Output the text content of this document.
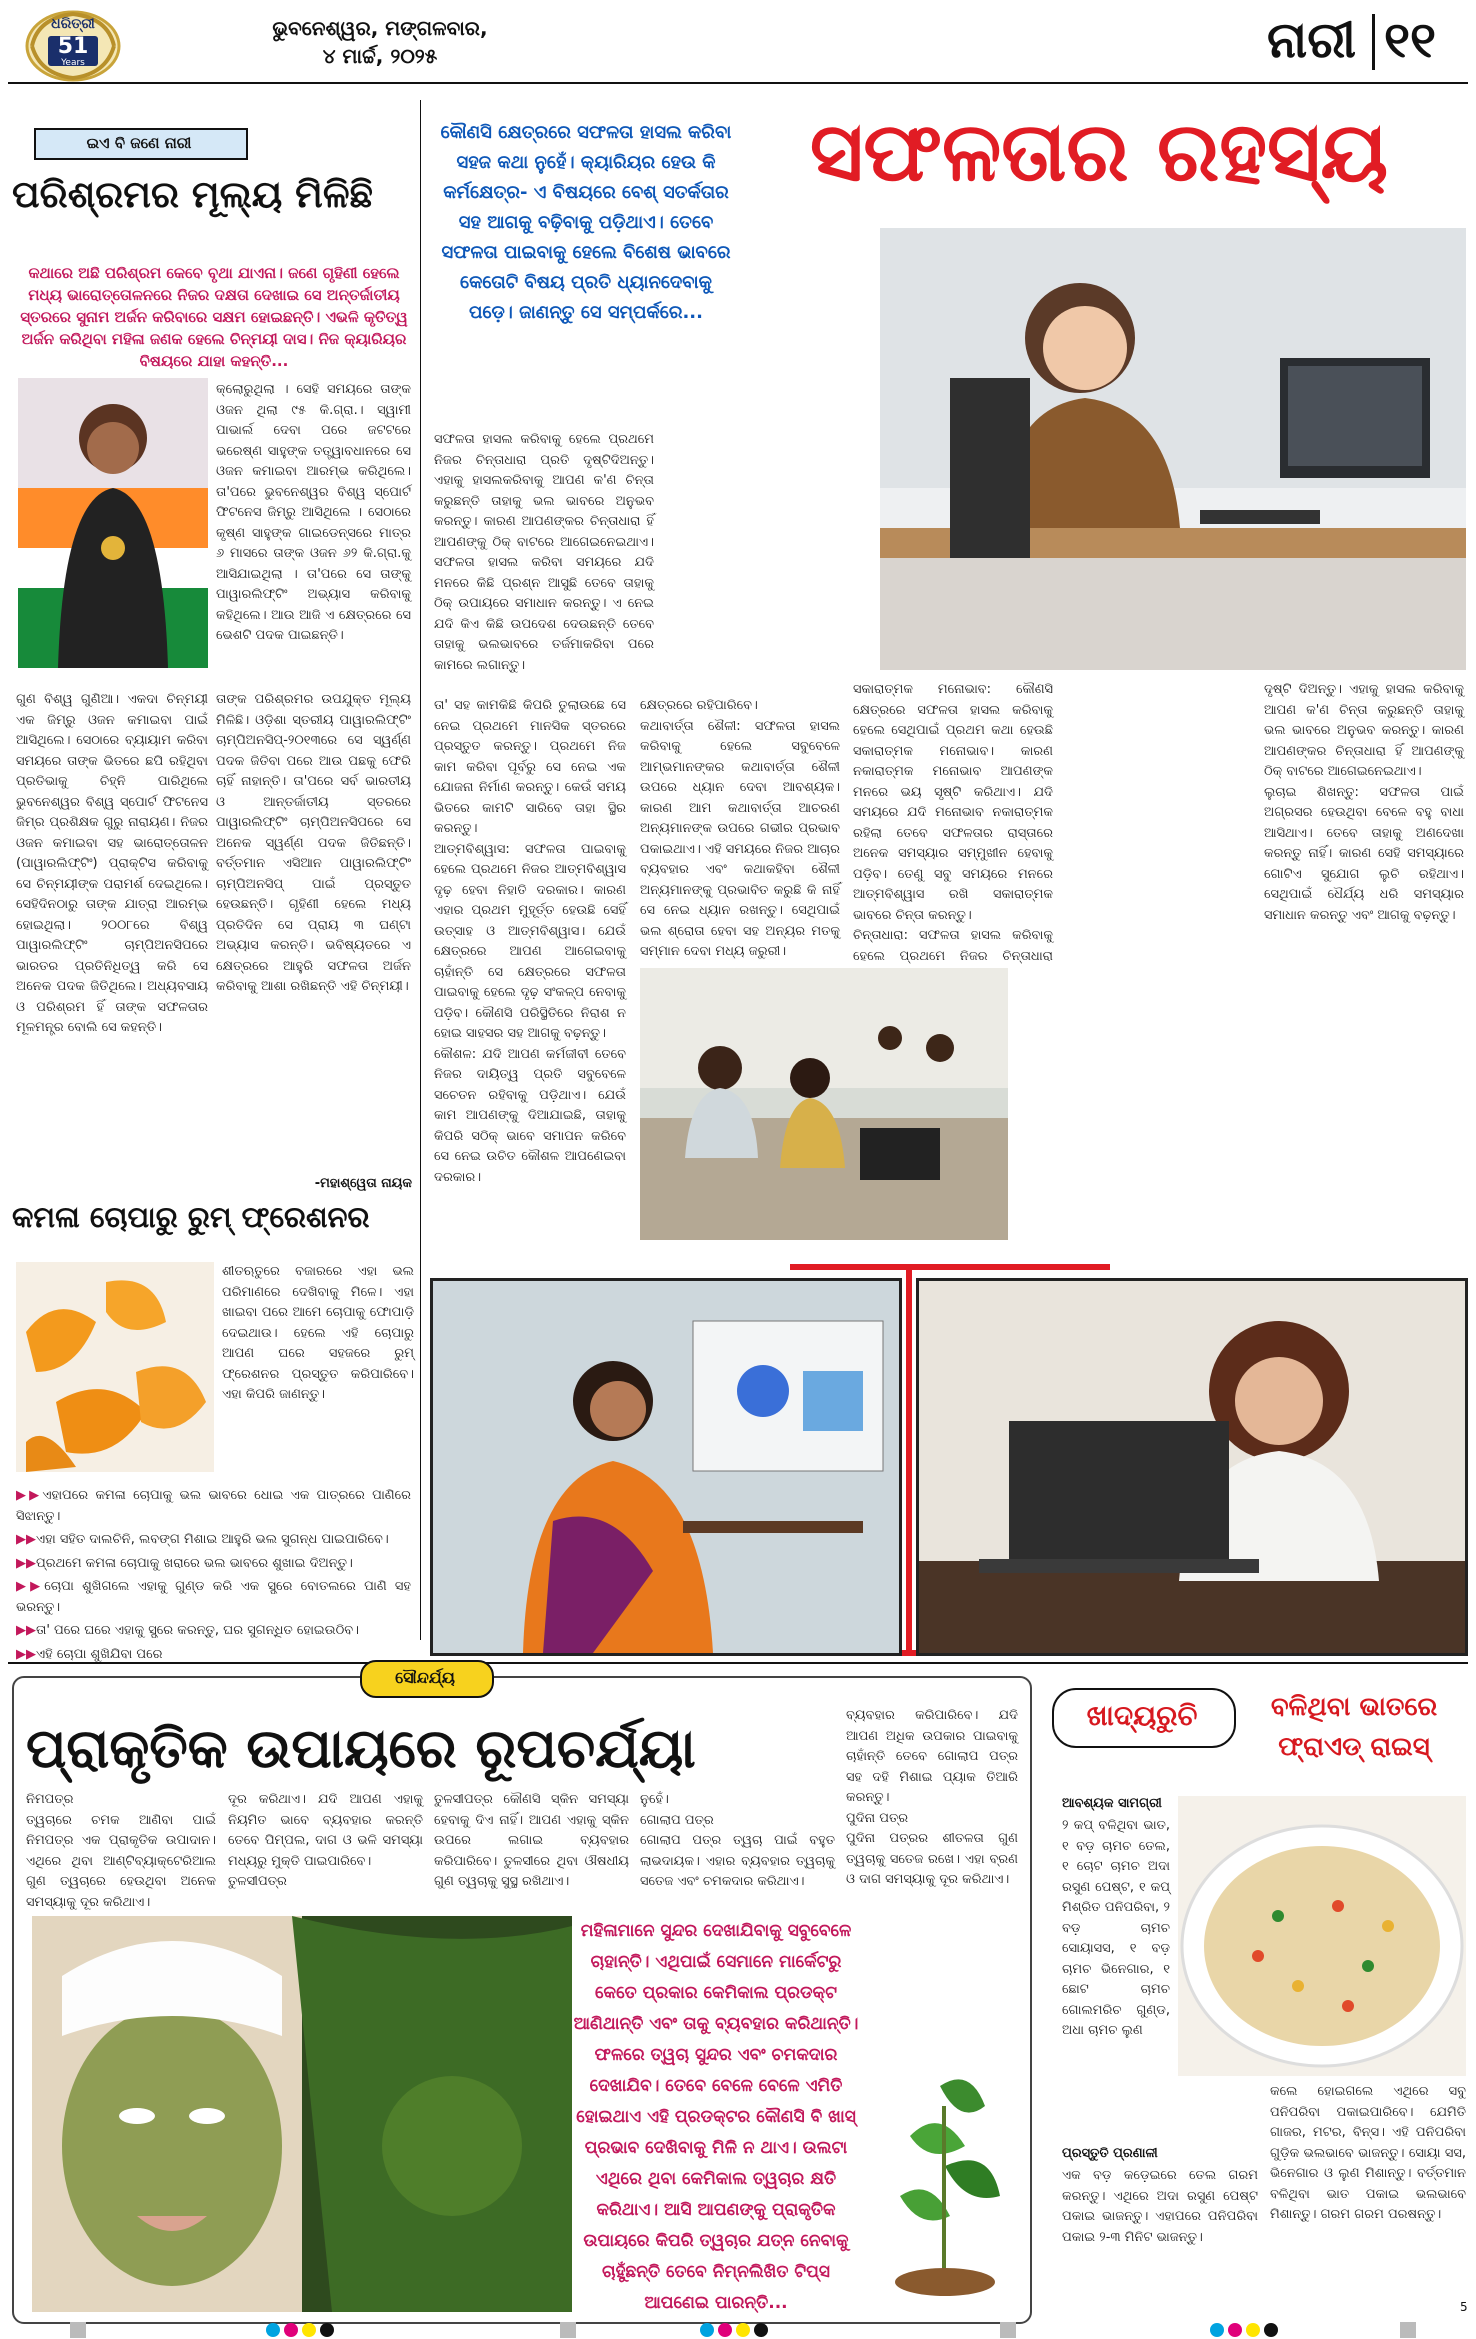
ଧରିତ୍ରୀ
51
Years
ଭୁବନେଶ୍ୱର, ମଙ୍ଗଳବାର,
୪ ମାର୍ଚ୍ଚ, ୨୦୨୫	ନାରୀ ୧୧
ଇଏ ବି ଜଣେ ନାରୀ
ପରିଶ୍ରମର ମୂଲ୍ୟ ମିଳିଛି
କଥାରେ ଅଛି ପରିଶ୍ରମ କେବେ ବୃଥା ଯାଏନା। ଜଣେ ଗୃହିଣୀ ହେଲେ ମଧ୍ୟ ଭାରୋତ୍ତୋଳନରେ ନିଜର ଦକ୍ଷତା ଦେଖାଇ ସେ ଅନ୍ତର୍ଜାତୀୟ ସ୍ତରରେ ସୁନାମ ଅର୍ଜନ କରିବାରେ ସକ୍ଷମ ହୋଇଛନ୍ତି। ଏଭଳି କୃତିତ୍ୱ ଅର୍ଜନ କରିଥିବା ମହିଳା ଜଣକ ହେଲେ ଚିନ୍ମୟୀ ଦାସ। ନିଜ କ୍ୟାରିୟର ବିଷୟରେ ଯାହା କହନ୍ତି...
କ୍ଲୋରୁଥିଲା । ସେହି ସମୟରେ ତାଙ୍କ ଓଜନ ଥିଲା ୯୫ କି.ଗ୍ରା.। ସ୍ୱାମୀ ପାଭାର୍ଲ ଦେବା ପରେ ଜଟଟରେ ଭରେଷ୍ଣ ସାହୁଙ୍କ ତତ୍ତ୍ୱାବଧାନରେ ସେ ଓଜନ କମାଇବା ଆରମ୍ଭ କରିଥିଲେ। ତା'ପରେ ଭୁବନେଶ୍ୱର ବିଶ୍ୱ ସ୍ପୋର୍ଟ ଫିଟନେସ ଜିମ୍‌ରୁ ଆସିଥିଲେ । ସେଠାରେ କୃଷ୍ଣ ସାହୁଙ୍କ ଗାଇଡେନ୍ସରେ ମାତ୍ର ୬ ମାସରେ ତାଙ୍କ ଓଜନ ୬୨ କି.ଗ୍ରା.କୁ ଆସିଯାଇଥିଲା । ତା'ପରେ ସେ ତାଙ୍କୁ ପାୱାରଲିଫ୍ଟିଂ ଅଭ୍ୟାସ କରିବାକୁ କହିଥିଲେ। ଆଉ ଆଜି ଏ କ୍ଷେତ୍ରରେ ସେ ଭେଶଟି ପଦକ ପାଇଛନ୍ତି।
ଗୁଣ ବିଶ୍ୱ ଗୁଣିଆ। ଏକଦା ଚିନ୍ମୟୀ ଏକ ଜିମ୍‌ରୁ ଓଜନ କମାଇବା ପାଇଁ ଆସିଥିଲେ। ସେଠାରେ ବ୍ୟାୟାମ କରିବା ସମୟରେ ତାଙ୍କ ଭିତରେ ଛପି ରହିଥିବା ପ୍ରତିଭାକୁ ଚିହ୍ନି ପାରିଥିଲେ ଭୁବନେଶ୍ୱର ବିଶ୍ୱ ସ୍ପୋର୍ଟ ଫିଟନେସ ଜିମ୍‌ର ପ୍ରଶିକ୍ଷକ ଗୁରୁ ନାରାୟଣ। ନିଜର ଓଜନ କମାଇବା ସହ ଭାରୋତ୍ତୋଳନ (ପାୱାରଲିଫ୍ଟିଂ) ପ୍ରାକ୍ଟିସ କରିବାକୁ ସେ ଚିନ୍ମୟୀଙ୍କ ପରାମର୍ଶ ଦେଇଥିଲେ। ସେହିଦିନଠାରୁ ତାଙ୍କ ଯାତ୍ରା ଆରମ୍ଭ ହୋଇଥିଲା। ୨୦୦୮ରେ ବିଶ୍ୱ ପାୱାରଲିଫ୍ଟିଂ ଚାମ୍ପିଅନସିପରେ ଭାରତର ପ୍ରତିନିଧିତ୍ୱ କରି ସେ ଅନେକ ପଦକ ଜିତିଥିଲେ। ଅଧ୍ୟବସାୟ ଓ ପରିଶ୍ରମ ହିଁ ତାଙ୍କ ସଫଳତାର ମୂଳମନ୍ତ୍ର ବୋଲି ସେ କହନ୍ତି।
ତାଙ୍କ ପରିଶ୍ରମର ଉପଯୁକ୍ତ ମୂଲ୍ୟ ମିଳିଛି। ଓଡ଼ିଶା ସ୍ତରୀୟ ପାୱାରଲିଫ୍ଟିଂ ଚାମ୍ପିଅନସିପ୍‌-୨୦୧୩ରେ ସେ ସ୍ୱର୍ଣ୍ଣ ପଦକ ଜିତିବା ପରେ ଆଉ ପଛକୁ ଫେରି ଚାହିଁ ନାହାନ୍ତି। ତା'ପରେ ସର୍ବ ଭାରତୀୟ ଓ ଆନ୍ତର୍ଜାତୀୟ ସ୍ତରରେ ପାୱାରଲିଫ୍ଟିଂ ଚାମ୍ପିଅନସିପରେ ସେ ଅନେକ ସ୍ୱର୍ଣ୍ଣ ପଦକ ଜିତିଛନ୍ତି। ବର୍ତ୍ତମାନ ଏସିଆନ ପାୱାରଲିଫ୍ଟିଂ ଚାମ୍ପିଅନସିପ୍ ପାଇଁ ପ୍ରସ୍ତୁତ ହେଉଛନ୍ତି। ଗୃହିଣୀ ହେଲେ ମଧ୍ୟ ପ୍ରତିଦିନ ସେ ପ୍ରାୟ ୩ ଘଣ୍ଟା ଅଭ୍ୟାସ କରନ୍ତି। ଭବିଷ୍ୟତରେ ଏ କ୍ଷେତ୍ରରେ ଆହୁରି ସଫଳତା ଅର୍ଜନ କରିବାକୁ ଆଶା ରଖିଛନ୍ତି ଏହି ଚିନ୍ମୟୀ।
-ମହାଶ୍ୱେତା ନାୟକ
କମଳା ଚୋପାରୁ ରୁମ୍ ଫ୍ରେଶନର
ଶୀତଋତୁରେ ବଜାରରେ ଏହା ଭଲ ପରିମାଣରେ ଦେଖିବାକୁ ମିଳେ। ଏହା ଖାଇବା ପରେ ଆମେ ଚୋପାକୁ ଫୋପାଡ଼ି ଦେଇଥାଉ। ହେଲେ ଏହି ଚୋପାରୁ ଆପଣ ଘରେ ସହଜରେ ରୁମ୍ ଫ୍ରେଶନର ପ୍ରସ୍ତୁତ କରିପାରିବେ। ଏହା କିପରି ଜାଣନ୍ତୁ।

▶▶ଏହାପରେ କମଳା ଚୋପାକୁ ଭଲ ଭାବରେ ଧୋଇ ଏକ ପାତ୍ରରେ ପାଣିରେ ସିଝାନ୍ତୁ।

▶▶ଏହା ସହିତ ଦାଲଚିନି, ଲବଙ୍ଗ ମିଶାଇ ଆହୁରି ଭଲ ସୁଗନ୍ଧ ପାଇପାରିବେ।

▶▶ପ୍ରଥମେ କମଳା ଚୋପାକୁ ଖରାରେ ଭଲ ଭାବରେ ଶୁଖାଇ ଦିଅନ୍ତୁ।

▶▶ଚୋପା ଶୁଖିଗଲେ ଏହାକୁ ଗୁଣ୍ଡ କରି ଏକ ସ୍ପ୍ରେ ବୋତଲରେ ପାଣି ସହ ଭରନ୍ତୁ।

▶▶ତା' ପରେ ଘରେ ଏହାକୁ ସ୍ପ୍ରେ କରନ୍ତୁ, ଘର ସୁଗନ୍ଧିତ ହୋଇଉଠିବ।

▶▶ଏହି ଚୋପା ଶୁଖିଯିବା ପରେ

ସଫଳତାର ରହସ୍ୟ
କୌଣସି କ୍ଷେତ୍ରରେ ସଫଳତା ହାସଲ କରିବା ସହଜ କଥା ନୁହେଁ। କ୍ୟାରିୟର ହେଉ କି କର୍ମକ୍ଷେତ୍ର- ଏ ବିଷୟରେ ବେଶ୍ ସତର୍କତାର ସହ ଆଗକୁ ବଢ଼ିବାକୁ ପଡ଼ିଥାଏ। ତେବେ ସଫଳତା ପାଇବାକୁ ହେଲେ ବିଶେଷ ଭାବରେ କେତୋଟି ବିଷୟ ପ୍ରତି ଧ୍ୟାନଦେବାକୁ ପଡ଼େ। ଜାଣନ୍ତୁ ସେ ସମ୍ପର୍କରେ...
ସଫଳତା ହାସଲ କରିବାକୁ ହେଲେ ପ୍ରଥମେ ନିଜର ଚିନ୍ତାଧାରା ପ୍ରତି ଦୃଷ୍ଟିଦିଅନ୍ତୁ। ଏହାକୁ ହାସଲକରିବାକୁ ଆପଣ କ'ଣ ଚିନ୍ତା କରୁଛନ୍ତି ତାହାକୁ ଭଲ ଭାବରେ ଅନୁଭବ କରନ୍ତୁ। କାରଣ ଆପଣଙ୍କର ଚିନ୍ତାଧାରା ହିଁ ଆପଣଙ୍କୁ ଠିକ୍ ବାଟରେ ଆଗେଇନେଇଥାଏ। ସଫଳତା ହାସଲ କରିବା ସମୟରେ ଯଦି ମନରେ କିଛି ପ୍ରଶ୍ନ ଆସୁଛି ତେବେ ତାହାକୁ ଠିକ୍ ଉପାୟରେ ସମାଧାନ କରନ୍ତୁ। ଏ ନେଇ ଯଦି କିଏ କିଛି ଉପଦେଶ ଦେଉଛନ୍ତି ତେବେ ତାହାକୁ ଭଲଭାବରେ ତର୍ଜମାକରିବା ପରେ କାମରେ ଲଗାନ୍ତୁ।
ତା' ସହ କାମକିଛି କିପରି ତୁଲାଉଛେ ସେ ନେଇ ପ୍ରଥମେ ମାନସିକ ସ୍ତରରେ ପ୍ରସ୍ତୁତ କରନ୍ତୁ। ପ୍ରଥମେ ନିଜ କାମ କରିବା ପୂର୍ବରୁ ସେ ନେଇ ଏକ ଯୋଜନା ନିର୍ମାଣ କରନ୍ତୁ। କେଉଁ ସମୟ ଭିତରେ କାମଟି ସାରିବେ ତାହା ସ୍ଥିର କରନ୍ତୁ।
ଆତ୍ମବିଶ୍ୱାସ: ସଫଳତା ପାଇବାକୁ ହେଲେ ପ୍ରଥମେ ନିଜର ଆତ୍ମବିଶ୍ୱାସ ଦୃଢ଼ ହେବା ନିହାତି ଦରକାର। କାରଣ ଏହାର ପ୍ରଥମ ମୁହୂର୍ତ୍ତ ହେଉଛି ସେହିଁ ଉତ୍ସାହ ଓ ଆତ୍ମବିଶ୍ୱାସ। ଯେଉଁ କ୍ଷେତ୍ରରେ ଆପଣ ଆଗେଇବାକୁ ଚାହାଁନ୍ତି ସେ କ୍ଷେତ୍ରରେ ସଫଳତା ପାଇବାକୁ ହେଲେ ଦୃଢ଼ ସଂକଳ୍ପ ନେବାକୁ ପଡ଼ିବ। କୌଣସି ପରିସ୍ଥିତିରେ ନିରାଶ ନ ହୋଇ ସାହସର ସହ ଆଗକୁ ବଢ଼ନ୍ତୁ।
କୌଶଳ: ଯଦି ଆପଣ କର୍ମଜୀବୀ ତେବେ ନିଜର ଦାୟିତ୍ୱ ପ୍ରତି ସବୁବେଳେ ସଚେତନ ରହିବାକୁ ପଡ଼ିଥାଏ। ଯେଉଁ କାମ ଆପଣଙ୍କୁ ଦିଆଯାଇଛି, ତାହାକୁ କିପରି ସଠିକ୍ ଭାବେ ସମାପନ କରିବେ ସେ ନେଇ ଉଚିତ କୌଶଳ ଆପଣେଇବା ଦରକାର।
କ୍ଷେତ୍ରରେ ରହିପାରିବେ।
କଥାବାର୍ତ୍ତା ଶୈଳୀ: ସଫଳତା ହାସଲ କରିବାକୁ ହେଲେ ସବୁବେଳେ ଆମ୍ଭମାନଙ୍କର କଥାବାର୍ତ୍ତା ଶୈଳୀ ଉପରେ ଧ୍ୟାନ ଦେବା ଆବଶ୍ୟକ। କାରଣ ଆମ କଥାବାର୍ତ୍ତା ଆଚରଣ ଅନ୍ୟମାନଙ୍କ ଉପରେ ଗଭୀର ପ୍ରଭାବ ପକାଇଥାଏ। ଏହି ସମୟରେ ନିଜର ଆଚାର ବ୍ୟବହାର ଏବଂ କଥାକହିବା ଶୈଳୀ ଅନ୍ୟମାନଙ୍କୁ ପ୍ରଭାବିତ କରୁଛି କି ନାହିଁ ସେ ନେଇ ଧ୍ୟାନ ରଖନ୍ତୁ। ସେଥିପାଇଁ ଭଲ ଶ୍ରୋତା ହେବା ସହ ଅନ୍ୟର ମତକୁ ସମ୍ମାନ ଦେବା ମଧ୍ୟ ଜରୁରୀ।
ସକାରାତ୍ମକ ମନୋଭାବ: କୌଣସି କ୍ଷେତ୍ରରେ ସଫଳତା ହାସଲ କରିବାକୁ ହେଲେ ସେଥିପାଇଁ ପ୍ରଥମ କଥା ହେଉଛି ସକାରାତ୍ମକ ମନୋଭାବ। କାରଣ ନକାରାତ୍ମକ ମନୋଭାବ ଆପଣଙ୍କ ମନରେ ଭୟ ସୃଷ୍ଟି କରିଥାଏ। ଯଦି ସମୟରେ ଯଦି ମନୋଭାବ ନକାରାତ୍ମକ ରହିଲା ତେବେ ସଫଳତାର ରାସ୍ତାରେ ଅନେକ ସମସ୍ୟାର ସମ୍ମୁଖୀନ ହେବାକୁ ପଡ଼ିବ। ତେଣୁ ସବୁ ସମୟରେ ମନରେ ଆତ୍ମବିଶ୍ୱାସ ରଖି ସକାରାତ୍ମକ ଭାବରେ ଚିନ୍ତା କରନ୍ତୁ।
ଚିନ୍ତାଧାରା: ସଫଳତା ହାସଲ କରିବାକୁ ହେଲେ ପ୍ରଥମେ ନିଜର ଚିନ୍ତାଧାରା
ଦୃଷ୍ଟି ଦିଅନ୍ତୁ। ଏହାକୁ ହାସଲ କରିବାକୁ ଆପଣ କ'ଣ ଚିନ୍ତା କରୁଛନ୍ତି ତାହାକୁ ଭଲ ଭାବରେ ଅନୁଭବ କରନ୍ତୁ। କାରଣ ଆପଣଙ୍କର ଚିନ୍ତାଧାରା ହିଁ ଆପଣଙ୍କୁ ଠିକ୍ ବାଟରେ ଆଗେଇନେଇଥାଏ।
ଲୁଚାଇ ଶିଖନ୍ତୁ: ସଫଳତା ପାଇଁ ଅଗ୍ରସର ହେଉଥିବା ବେଳେ ବହୁ ବାଧା ଆସିଥାଏ। ତେବେ ତାହାକୁ ଅଣଦେଖା କରନ୍ତୁ ନାହିଁ। କାରଣ ସେହି ସମସ୍ୟାରେ ଗୋଟିଏ ସୁଯୋଗ ଲୁଚି ରହିଥାଏ। ସେଥିପାଇଁ ଧୈର୍ଯ୍ୟ ଧରି ସମସ୍ୟାର ସମାଧାନ କରନ୍ତୁ ଏବଂ ଆଗକୁ ବଢ଼ନ୍ତୁ।
ସୌନ୍ଦର୍ଯ୍ୟ
ପ୍ରାକୃତିକ ଉପାୟରେ ରୂପଚର୍ଯ୍ୟା
ନିମପତ୍ର
ତ୍ୱଚାରେ ଚମକ ଆଣିବା ପାଇଁ ନିମପତ୍ର ଏକ ପ୍ରାକୃତିକ ଉପାଦାନ। ଏଥିରେ ଥିବା ଆଣ୍ଟିବ୍ୟାକ୍ଟେରିଆଲ ଗୁଣ ତ୍ୱଚାରେ ହେଉଥିବା ଅନେକ ସମସ୍ୟାକୁ ଦୂର କରିଥାଏ।
ଦୂର କରିଥାଏ। ଯଦି ଆପଣ ଏହାକୁ ନିୟମିତ ଭାବେ ବ୍ୟବହାର କରନ୍ତି ତେବେ ପିମ୍ପଲ, ଦାଗ ଓ ଭଳି ସମସ୍ୟା ମଧ୍ୟରୁ ମୁକ୍ତି ପାଇପାରିବେ।
ତୁଳସୀପତ୍ର
ତୁଳସୀପତ୍ର କୌଣସି ସ୍କିନ ସମସ୍ୟା ହେବାକୁ ଦିଏ ନାହିଁ। ଆପଣ ଏହାକୁ ସ୍କିନ ଉପରେ ଲଗାଇ ବ୍ୟବହାର କରିପାରିବେ। ତୁଳସୀରେ ଥିବା ଔଷଧୀୟ ଗୁଣ ତ୍ୱଚାକୁ ସୁସ୍ଥ ରଖିଥାଏ।
ନୁହେଁ।
ଗୋଲାପ ପତ୍ର
ଗୋଲାପ ପତ୍ର ତ୍ୱଚା ପାଇଁ ବହୁତ ଲାଭଦାୟକ। ଏହାର ବ୍ୟବହାର ତ୍ୱଚାକୁ ସତେଜ ଏବଂ ଚମକଦାର କରିଥାଏ।
ବ୍ୟବହାର କରିପାରିବେ। ଯଦି ଆପଣ ଅଧିକ ଉପକାର ପାଇବାକୁ ଚାହାଁନ୍ତି ତେବେ ଗୋଲାପ ପତ୍ର ସହ ଦହି ମିଶାଇ ପ୍ୟାକ ତିଆରି କରନ୍ତୁ।
ପୁଦିନା ପତ୍ର
ପୁଦିନା ପତ୍ରର ଶୀତଳତା ଗୁଣ ତ୍ୱଚାକୁ ସତେଜ ରଖେ। ଏହା ବ୍ରଣ ଓ ଦାଗ ସମସ୍ୟାକୁ ଦୂର କରିଥାଏ।
ମହିଳାମାନେ ସୁନ୍ଦର ଦେଖାଯିବାକୁ ସବୁବେଳେ ଚାହାନ୍ତି। ଏଥିପାଇଁ ସେମାନେ ମାର୍କେଟରୁ କେତେ ପ୍ରକାର କେମିକାଲ ପ୍ରଡକ୍ଟ ଆଣିଥାନ୍ତି ଏବଂ ତାକୁ ବ୍ୟବହାର କରିଥାନ୍ତି। ଫଳରେ ତ୍ୱଚା ସୁନ୍ଦର ଏବଂ ଚମକଦାର ଦେଖାଯିବ। ତେବେ ବେଳେ ବେଳେ ଏମିତି ହୋଇଥାଏ ଏହି ପ୍ରଡକ୍ଟର କୌଣସି ବି ଖାସ୍ ପ୍ରଭାବ ଦେଖିବାକୁ ମିଳି ନ ଥାଏ। ଉଲଟା ଏଥିରେ ଥିବା କେମିକାଲ ତ୍ୱଚାର କ୍ଷତି କରିଥାଏ। ଆସି ଆପଣଙ୍କୁ ପ୍ରାକୃତିକ ଉପାୟରେ କିପରି ତ୍ୱଚାର ଯତ୍ନ ନେବାକୁ ଚାହୁଁଛନ୍ତି ତେବେ ନିମ୍ନଲିଖିତ ଟିପ୍ସ ଆପଣେଇ ପାରନ୍ତି...
ଖାଦ୍ୟରୁଚି	ବଳିଥିବା ଭାତରେ
ଫ୍ରାଏଡ୍ ରାଇସ୍
ଆବଶ୍ୟକ ସାମଗ୍ରୀ
୨ କପ୍ ବଳିଥିବା ଭାତ, ୧ ବଡ଼ ଚାମଚ ତେଲ, ୧ ଚୋଟ ଚାମଚ ଅଦା ରସୁଣ ପେଷ୍ଟ, ୧ କପ୍ ମିଶ୍ରିତ ପନିପରିବା, ୨ ବଡ଼ ଚାମଚ ସୋୟାସସ, ୧ ବଡ଼ ଚାମଚ ଭିନେଗାର, ୧ ଛୋଟ ଚାମଚ ଗୋଲମରିଚ ଗୁଣ୍ଡ, ଅଧା ଚାମଚ ଲୁଣ
ପ୍ରସ୍ତୁତି ପ୍ରଣାଳୀ
ଏକ ବଡ଼ କଡ଼େଇରେ ତେଲ ଗରମ କରନ୍ତୁ। ଏଥିରେ ଅଦା ରସୁଣ ପେଷ୍ଟ ପକାଇ ଭାଜନ୍ତୁ। ଏହାପରେ ପନିପରିବା ପକାଇ ୨-୩ ମିନିଟ ଭାଜନ୍ତୁ।
କଲେ ହୋଇଗଲେ ଏଥିରେ ସବୁ ପନିପରିବା ପକାଇପାରିବେ। ଯେମିତି ଗାଜର, ମଟର, ବିନ୍ସ। ଏହି ପନିପରିବା ଗୁଡ଼ିକ ଭଲଭାବେ ଭାଜନ୍ତୁ। ସୋୟା ସସ, ଭିନେଗାର ଓ ଲୁଣ ମିଶାନ୍ତୁ। ବର୍ତ୍ତମାନ ବଳିଥିବା ଭାତ ପକାଇ ଭଲଭାବେ ମିଶାନ୍ତୁ। ଗରମ ଗରମ ପରଷନ୍ତୁ।
5
